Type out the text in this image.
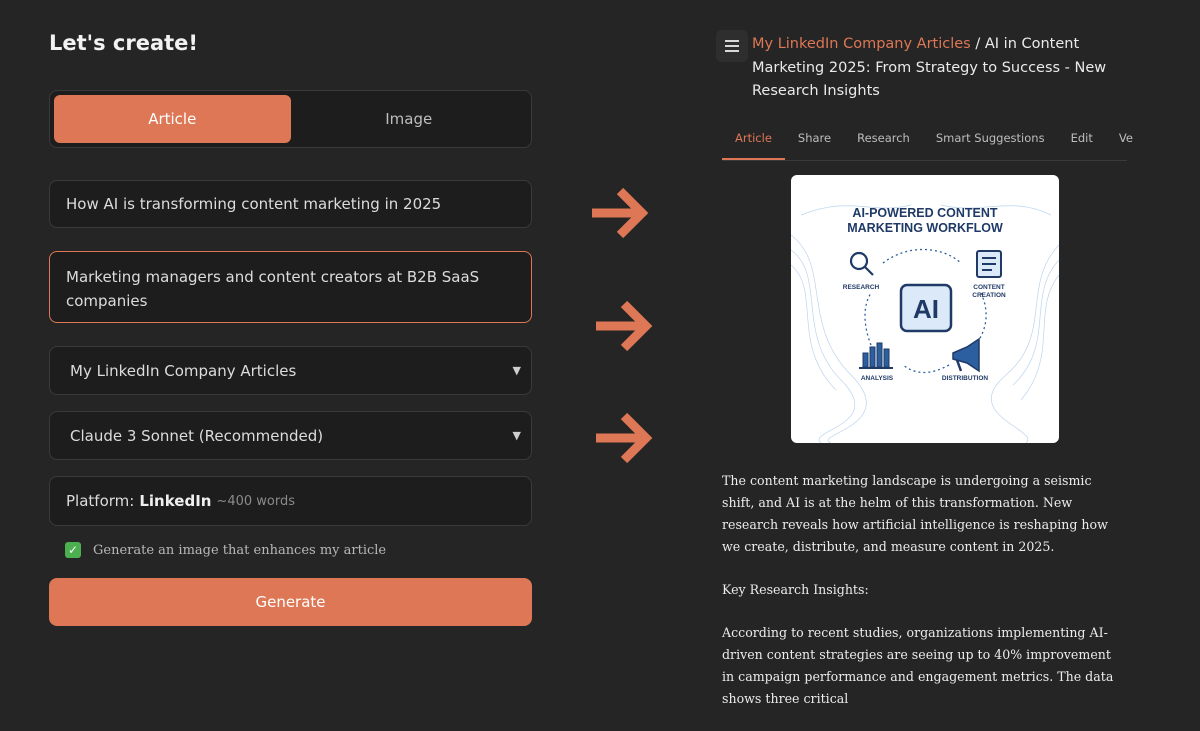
Let's create!
Article	Image
How AI is transforming content marketing in 2025
Marketing managers and content creators at B2B SaaS companies
My LinkedIn Company Articles	▼
Claude 3 Sonnet (Recommended)	▼
Platform: LinkedIn ~400 words
✓ Generate an image that enhances my article
Generate
My LinkedIn Company Articles / AI in Content Marketing 2025: From Strategy to Success - New Research Insights
Article	Share	Research	Smart Suggestions	Edit	Ve
AI-POWERED CONTENT
MARKETING WORKFLOW
AI
RESEARCH	CONTENT
CREATION
ANALYSIS	DISTRIBUTION

The content marketing landscape is undergoing a seismic shift, and AI is at the helm of this transformation. New research reveals how artificial intelligence is reshaping how we create, distribute, and measure content in 2025.

Key Research Insights:

According to recent studies, organizations implementing AI-driven content strategies are seeing up to 40% improvement in campaign performance and engagement metrics. The data shows three critical
